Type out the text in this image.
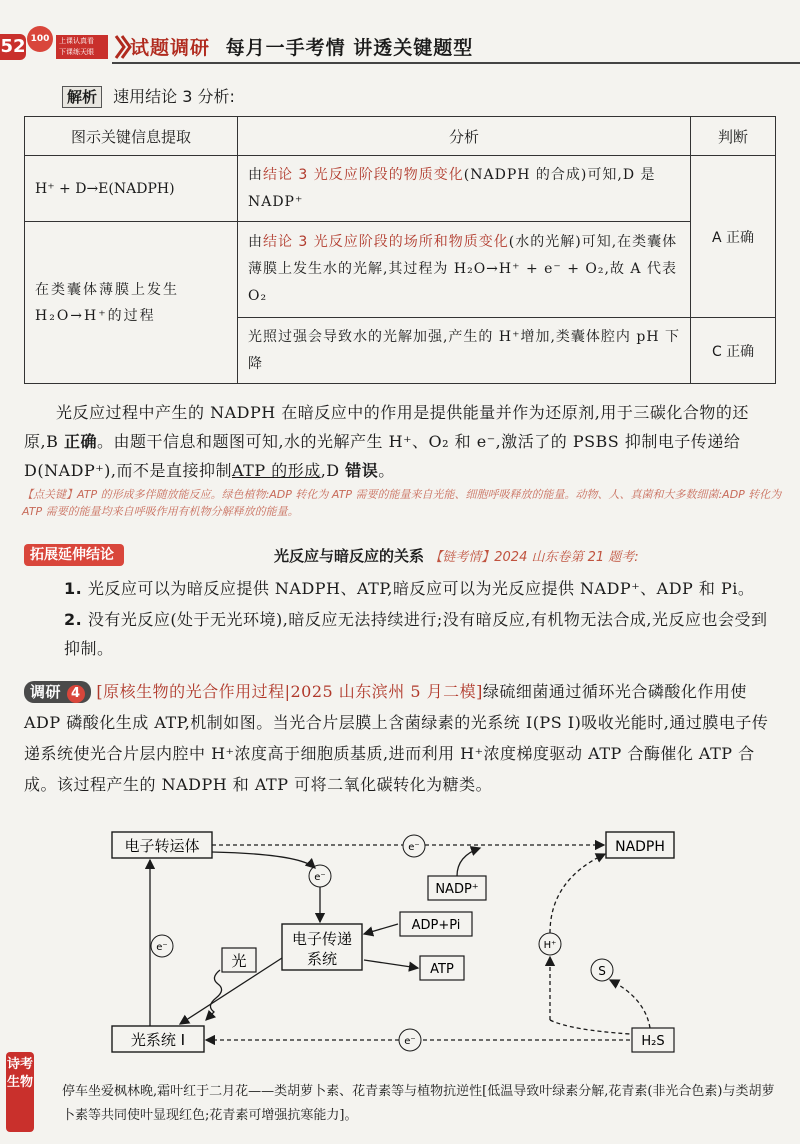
52 100	上课认真看
下课练天眼	试题调研 每月一手考情 讲透关键题型
解析 速用结论 3 分析:
图示关键信息提取	分析	判断
H⁺ + D→E(NADPH)	由结论 3 光反应阶段的物质变化(NADPH 的合成)可知,D 是 NADP⁺	A 正确
在类囊体薄膜上发生 H₂O→H⁺的过程	由结论 3 光反应阶段的场所和物质变化(水的光解)可知,在类囊体薄膜上发生水的光解,其过程为 H₂O→H⁺ + e⁻ + O₂,故 A 代表 O₂	
	光照过强会导致水的光解加强,产生的 H⁺增加,类囊体腔内 pH 下降	C 正确
光反应过程中产生的 NADPH 在暗反应中的作用是提供能量并作为还原剂,用于三碳化合物的还原,B 正确。由题干信息和题图可知,水的光解产生 H⁺、O₂ 和 e⁻,激活了的 PSBS 抑制电子传递给 D(NADP⁺),而不是直接抑制ATP 的形成,D 错误。
【点关键】ATP 的形成多伴随放能反应。绿色植物:ADP 转化为 ATP 需要的能量来自光能、细胞呼吸释放的能量。动物、人、真菌和大多数细菌:ADP 转化为 ATP 需要的能量均来自呼吸作用有机物分解释放的能量。
拓展延伸结论	光反应与暗反应的关系 【链考情】2024 山东卷第 21 题考:
1. 光反应可以为暗反应提供 NADPH、ATP,暗反应可以为光反应提供 NADP⁺、ADP 和 Pi。
2. 没有光反应(处于无光环境),暗反应无法持续进行;没有暗反应,有机物无法合成,光反应也会受到抑制。
调研 4 [原核生物的光合作用过程|2025 山东滨州 5 月二模]绿硫细菌通过循环光合磷酸化作用使 ADP 磷酸化生成 ATP,机制如图。当光合片层膜上含菌绿素的光系统 I(PS I)吸收光能时,通过膜电子传递系统使光合片层内腔中 H⁺浓度高于细胞质基质,进而利用 H⁺浓度梯度驱动 ATP 合酶催化 ATP 合成。该过程产生的 NADPH 和 ATP 可将二氧化碳转化为糖类。
电子转运体	NADPH
NADP⁺
电子传递
系统
ADP+Pi
ATP
光
光系统 I	H₂S
e⁻
e⁻
e⁻
e⁻
H⁺
S
诗考生物
停车坐爱枫林晚,霜叶红于二月花——类胡萝卜素、花青素等与植物抗逆性[低温导致叶绿素分解,花青素(非光合色素)与类胡萝卜素等共同使叶显现红色;花青素可增强抗寒能力]。
